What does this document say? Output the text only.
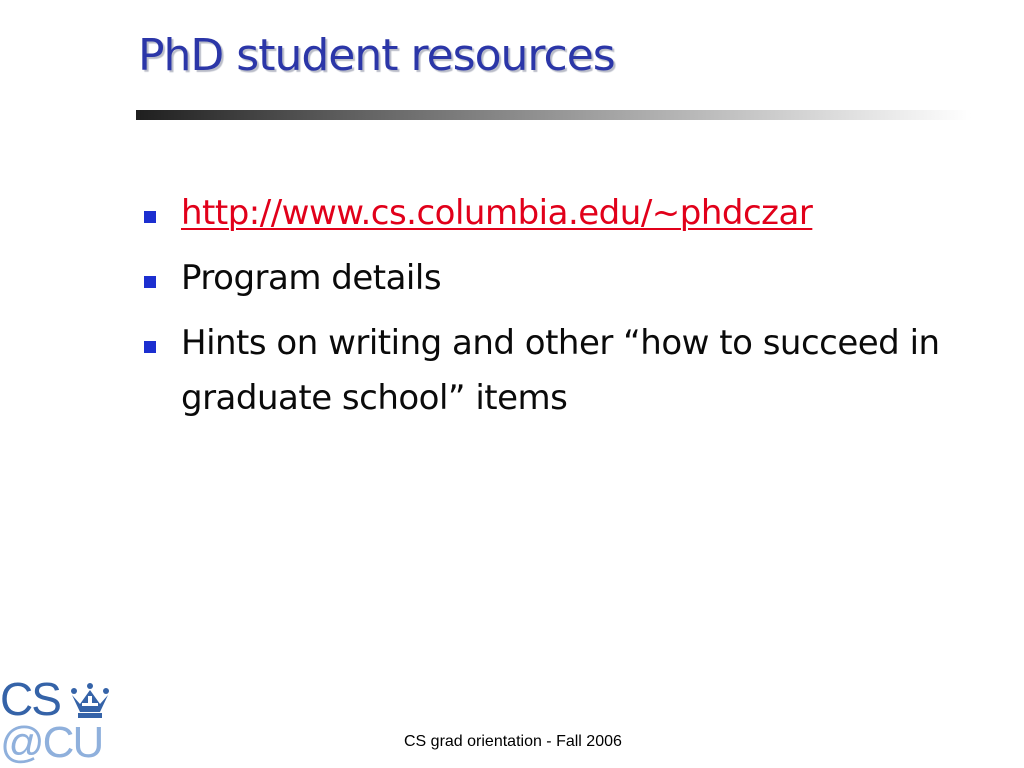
PhD student resources
http://www.cs.columbia.edu/~phdczar
Program details
Hints on writing and other “how to succeed in graduate school” items
CS
@CU	CS grad orientation - Fall 2006
